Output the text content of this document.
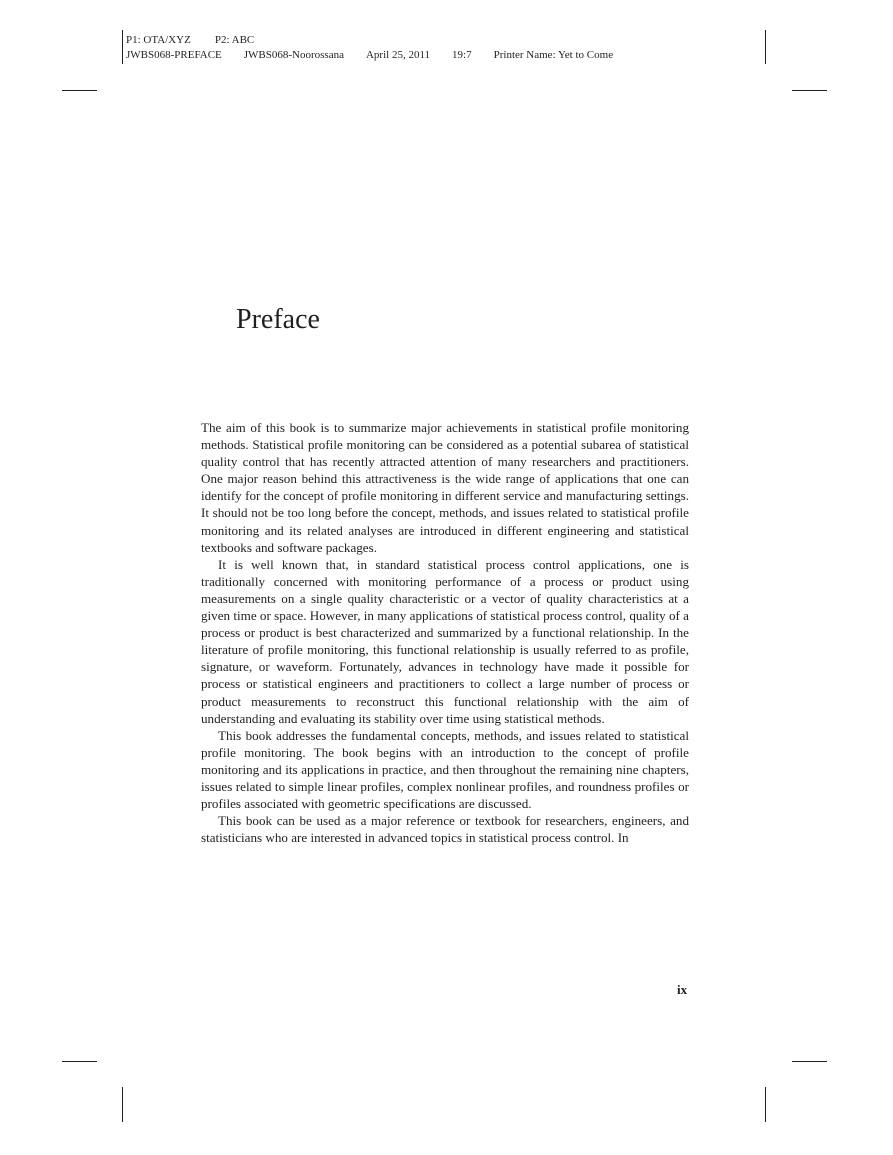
P1: OTA/XYZ P2: ABC
JWBS068-PREFACE JWBS068-Noorossana April 25, 2011 19:7 Printer Name: Yet to Come
Preface

The aim of this book is to summarize major achievements in statistical profile monitoring methods. Statistical profile monitoring can be considered as a potential subarea of statistical quality control that has recently attracted attention of many researchers and practitioners. One major reason behind this attractiveness is the wide range of applications that one can identify for the concept of profile monitoring in different service and manufacturing settings. It should not be too long before the concept, methods, and issues related to statistical profile monitoring and its related analyses are introduced in different engineering and statistical textbooks and software packages.

It is well known that, in standard statistical process control applications, one is traditionally concerned with monitoring performance of a process or product using measurements on a single quality characteristic or a vector of quality characteristics at a given time or space. However, in many applications of statistical process control, quality of a process or product is best characterized and summarized by a functional relationship. In the literature of profile monitoring, this functional relationship is usually referred to as profile, signature, or waveform. Fortunately, advances in technology have made it possible for process or statistical engineers and practitioners to collect a large number of process or product measurements to reconstruct this functional relationship with the aim of understanding and evaluating its stability over time using statistical methods.

This book addresses the fundamental concepts, methods, and issues related to statistical profile monitoring. The book begins with an introduction to the concept of profile monitoring and its applications in practice, and then throughout the remaining nine chapters, issues related to simple linear profiles, complex nonlinear profiles, and roundness profiles or profiles associated with geometric specifications are discussed.

This book can be used as a major reference or textbook for researchers, engineers, and statisticians who are interested in advanced topics in statistical process control. In

ix
